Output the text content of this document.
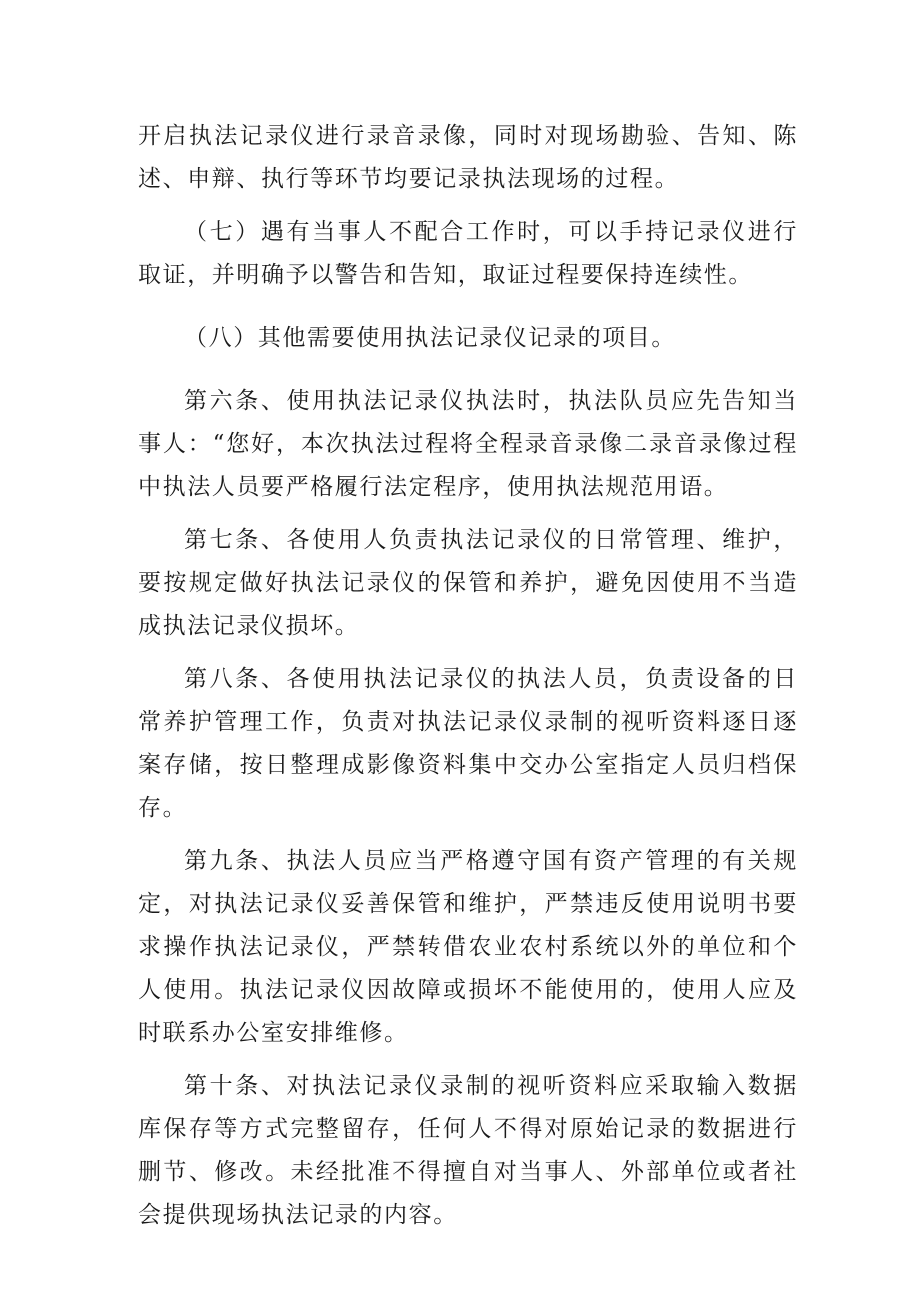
开启执法记录仪进行录音录像，同时对现场勘验、告知、陈述、申辩、执行等环节均要记录执法现场的过程。

（七）遇有当事人不配合工作时，可以手持记录仪进行取证，并明确予以警告和告知，取证过程要保持连续性。

（八）其他需要使用执法记录仪记录的项目。

第六条、使用执法记录仪执法时，执法队员应先告知当事人：“您好，本次执法过程将全程录音录像二录音录像过程中执法人员要严格履行法定程序，使用执法规范用语。

第七条、各使用人负责执法记录仪的日常管理、维护，要按规定做好执法记录仪的保管和养护，避免因使用不当造成执法记录仪损坏。

第八条、各使用执法记录仪的执法人员，负责设备的日常养护管理工作，负责对执法记录仪录制的视听资料逐日逐案存储，按日整理成影像资料集中交办公室指定人员归档保存。

第九条、执法人员应当严格遵守国有资产管理的有关规定，对执法记录仪妥善保管和维护，严禁违反使用说明书要求操作执法记录仪，严禁转借农业农村系统以外的单位和个人使用。执法记录仪因故障或损坏不能使用的，使用人应及时联系办公室安排维修。

第十条、对执法记录仪录制的视听资料应采取输入数据库保存等方式完整留存，任何人不得对原始记录的数据进行删节、修改。未经批准不得擅自对当事人、外部单位或者社会提供现场执法记录的内容。
